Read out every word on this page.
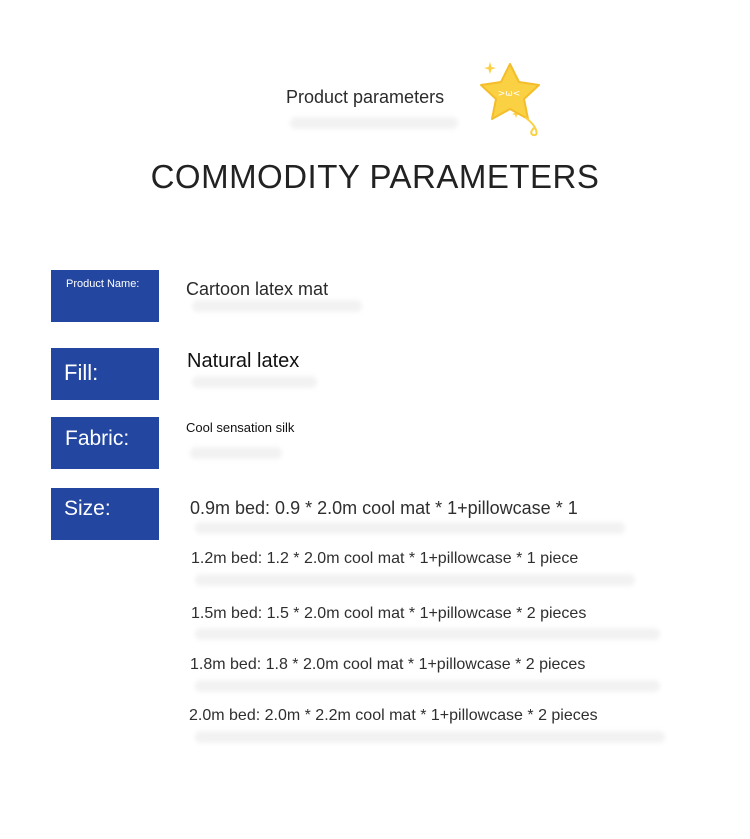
Product parameters	>ω<
COMMODITY PARAMETERS
Product Name:	Cartoon latex mat
Fill:	Natural latex
Fabric:	Cool sensation silk
Size:	0.9m bed: 0.9 * 2.0m cool mat * 1+pillowcase * 1
1.2m bed: 1.2 * 2.0m cool mat * 1+pillowcase * 1 piece
1.5m bed: 1.5 * 2.0m cool mat * 1+pillowcase * 2 pieces
1.8m bed: 1.8 * 2.0m cool mat * 1+pillowcase * 2 pieces
2.0m bed: 2.0m * 2.2m cool mat * 1+pillowcase * 2 pieces
